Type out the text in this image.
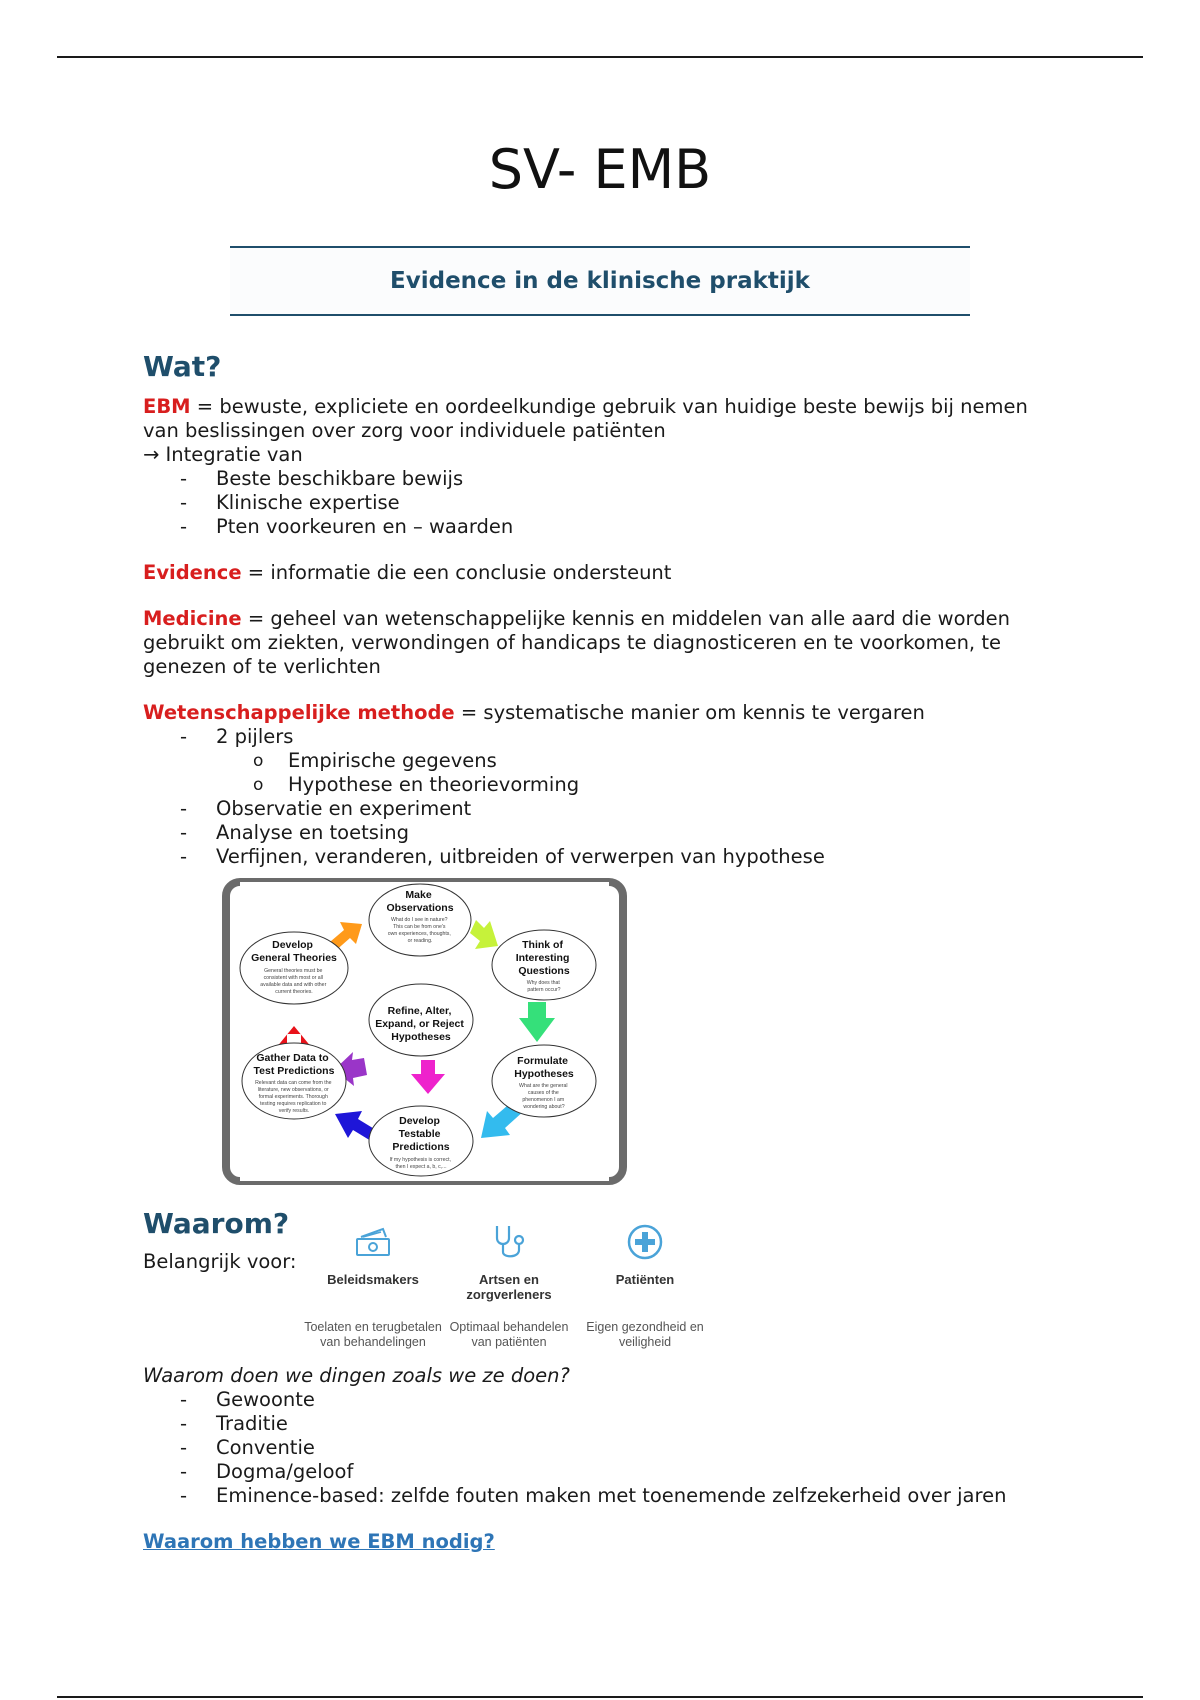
SV- EMB
Evidence in de klinische praktijk
Wat?

EBM = bewuste, expliciete en oordeelkundige gebruik van huidige beste bewijs bij nemen van beslissingen over zorg voor individuele patiënten

→ Integratie van

- Beste beschikbare bewijs
- Klinische expertise
- Pten voorkeuren en – waarden

Evidence = informatie die een conclusie ondersteunt

Medicine = geheel van wetenschappelijke kennis en middelen van alle aard die worden gebruikt om ziekten, verwondingen of handicaps te diagnosticeren en te voorkomen, te genezen of te verlichten

Wetenschappelijke methode = systematische manier om kennis te vergaren

- 2 pijlers
o Empirische gegevens
o Hypothese en theorievorming
- Observatie en experiment
- Analyse en toetsing
- Verfijnen, veranderen, uitbreiden of verwerpen van hypothese
Make Observations
What do I see in nature? This can be from one's own experiences, thoughts, or reading.	Think of Interesting Questions
Why does that pattern occur?
Develop General Theories
General theories must be consistent with most or all available data and with other current theories.
Refine, Alter, Expand, or Reject Hypotheses
Gather Data to Test Predictions
Relevant data can come from the literature, new observations, or formal experiments. Thorough testing requires replication to verify results.
Formulate Hypotheses
What are the general causes of the phenomenon I am wondering about?
Develop Testable Predictions
If my hypothesis is correct, then I expect a, b, c,...
Waarom?
Belangrijk voor:
Beleidsmakers
Toelaten en terugbetalen van behandelingen
Artsen en zorgverleners
Optimaal behandelen van patiënten
Patiënten
Eigen gezondheid en veiligheid
Waarom doen we dingen zoals we ze doen?
- Gewoonte
- Traditie
- Conventie
- Dogma/geloof
- Eminence-based: zelfde fouten maken met toenemende zelfzekerheid over jaren
Waarom hebben we EBM nodig?
